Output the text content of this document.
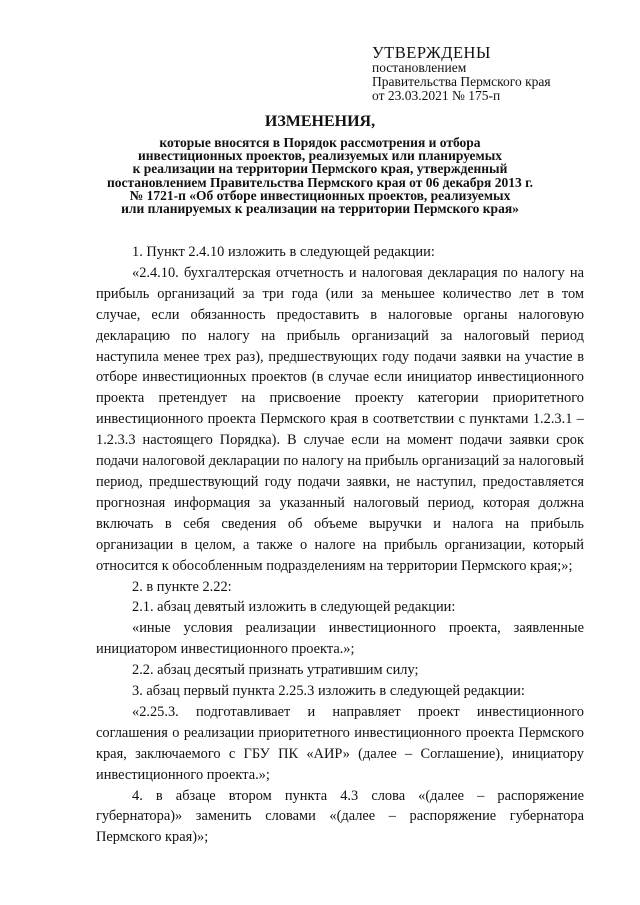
УТВЕРЖДЕНЫ
постановлением
Правительства Пермского края
от 23.03.2021 № 175-п
ИЗМЕНЕНИЯ,
которые вносятся в Порядок рассмотрения и отбора
инвестиционных проектов, реализуемых или планируемых
к реализации на территории Пермского края, утвержденный
постановлением Правительства Пермского края от 06 декабря 2013 г.
№ 1721-п «Об отборе инвестиционных проектов, реализуемых
или планируемых к реализации на территории Пермского края»

1. Пункт 2.4.10 изложить в следующей редакции:

«2.4.10. бухгалтерская отчетность и налоговая декларация по налогу на прибыль организаций за три года (или за меньшее количество лет в том случае, если обязанность предоставить в налоговые органы налоговую декларацию по налогу на прибыль организаций за налоговый период наступила менее трех раз), предшествующих году подачи заявки на участие в отборе инвестиционных проектов (в случае если инициатор инвестиционного проекта претендует на присвоение проекту категории приоритетного инвестиционного проекта Пермского края в соответствии с пунктами 1.2.3.1 – 1.2.3.3 настоящего Порядка). В случае если на момент подачи заявки срок подачи налоговой декларации по налогу на прибыль организаций за налоговый период, предшествующий году подачи заявки, не наступил, предоставляется прогнозная информация за указанный налоговый период, которая должна включать в себя сведения об объеме выручки и налога на прибыль организации в целом, а также о налоге на прибыль организации, который относится к обособленным подразделениям на территории Пермского края;»;

2. в пункте 2.22:

2.1. абзац девятый изложить в следующей редакции:

«иные условия реализации инвестиционного проекта, заявленные инициатором инвестиционного проекта.»;

2.2. абзац десятый признать утратившим силу;

3. абзац первый пункта 2.25.3 изложить в следующей редакции:

«2.25.3. подготавливает и направляет проект инвестиционного соглашения о реализации приоритетного инвестиционного проекта Пермского края, заключаемого с ГБУ ПК «АИР» (далее – Соглашение), инициатору инвестиционного проекта.»;

4. в абзаце втором пункта 4.3 слова «(далее – распоряжение губернатора)» заменить словами «(далее – распоряжение губернатора Пермского края)»;
